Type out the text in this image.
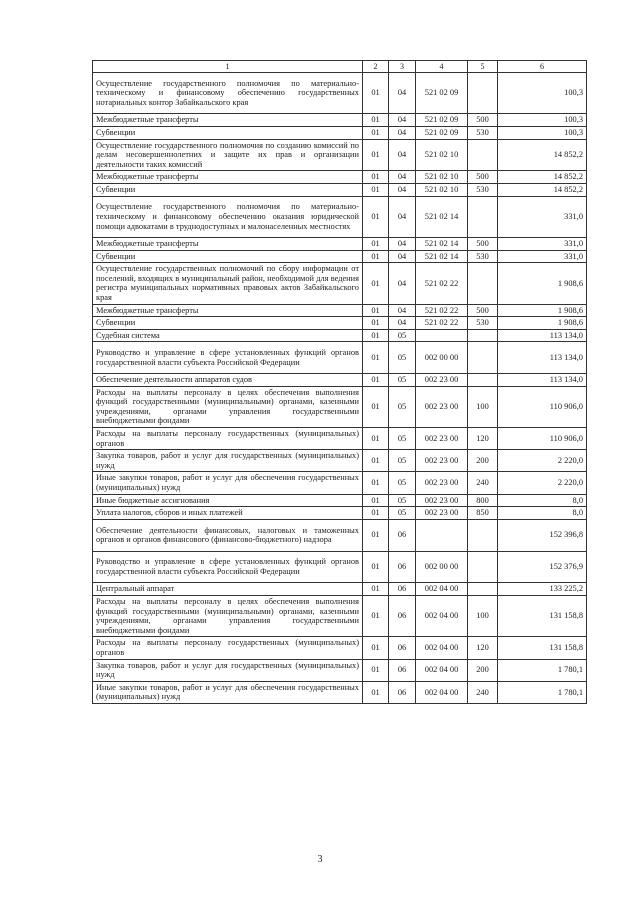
1	2	3	4	5	6
Осуществление государственного полномочия по материально-техническому и финансовому обеспечению государственных нотариальных контор Забайкальского края	01	04	521 02 09		100,3
Межбюджетные трансферты	01	04	521 02 09	500	100,3
Субвенции	01	04	521 02 09	530	100,3
Осуществление государственного полномочия по созданию комиссий по делам несовершеннолетних и защите их прав и организации деятельности таких комиссий	01	04	521 02 10		14 852,2
Межбюджетные трансферты	01	04	521 02 10	500	14 852,2
Субвенции	01	04	521 02 10	530	14 852,2
Осуществление государственного полномочия по материально-техническому и финансовому обеспечению оказания юридической помощи адвокатами в труднодоступных и малонаселенных местностях	01	04	521 02 14		331,0
Межбюджетные трансферты	01	04	521 02 14	500	331,0
Субвенции	01	04	521 02 14	530	331,0
Осуществление государственных полномочий по сбору информации от поселений, входящих в муниципальный район, необходимой для ведения регистра муниципальных нормативных правовых актов Забайкальского края	01	04	521 02 22		1 908,6
Межбюджетные трансферты	01	04	521 02 22	500	1 908,6
Субвенции	01	04	521 02 22	530	1 908,6
Судебная система	01	05			113 134,0
Руководство и управление в сфере установленных функций органов государственной власти субъекта Российской Федерации	01	05	002 00 00		113 134,0
Обеспечение деятельности аппаратов судов	01	05	002 23 00		113 134,0
Расходы на выплаты персоналу в целях обеспечения выполнения функций государственными (муниципальными) органами, казенными учреждениями, органами управления государственными внебюджетными фондами	01	05	002 23 00	100	110 906,0
Расходы на выплаты персоналу государственных (муниципальных) органов	01	05	002 23 00	120	110 906,0
Закупка товаров, работ и услуг для государственных (муниципальных) нужд	01	05	002 23 00	200	2 220,0
Иные закупки товаров, работ и услуг для обеспечения государственных (муниципальных) нужд	01	05	002 23 00	240	2 220,0
Иные бюджетные ассигнования	01	05	002 23 00	800	8,0
Уплата налогов, сборов и иных платежей	01	05	002 23 00	850	8,0
Обеспечение деятельности финансовых, налоговых и таможенных органов и органов финансового (финансово-бюджетного) надзора	01	06			152 396,8
Руководство и управление в сфере установленных функций органов государственной власти субъекта Российской Федерации	01	06	002 00 00		152 376,9
Центральный аппарат	01	06	002 04 00		133 225,2
Расходы на выплаты персоналу в целях обеспечения выполнения функций государственными (муниципальными) органами, казенными учреждениями, органами управления государственными внебюджетными фондами	01	06	002 04 00	100	131 158,8
Расходы на выплаты персоналу государственных (муниципальных) органов	01	06	002 04 00	120	131 158,8
Закупка товаров, работ и услуг для государственных (муниципальных) нужд	01	06	002 04 00	200	1 780,1
Иные закупки товаров, работ и услуг для обеспечения государственных (муниципальных) нужд	01	06	002 04 00	240	1 780,1
3
